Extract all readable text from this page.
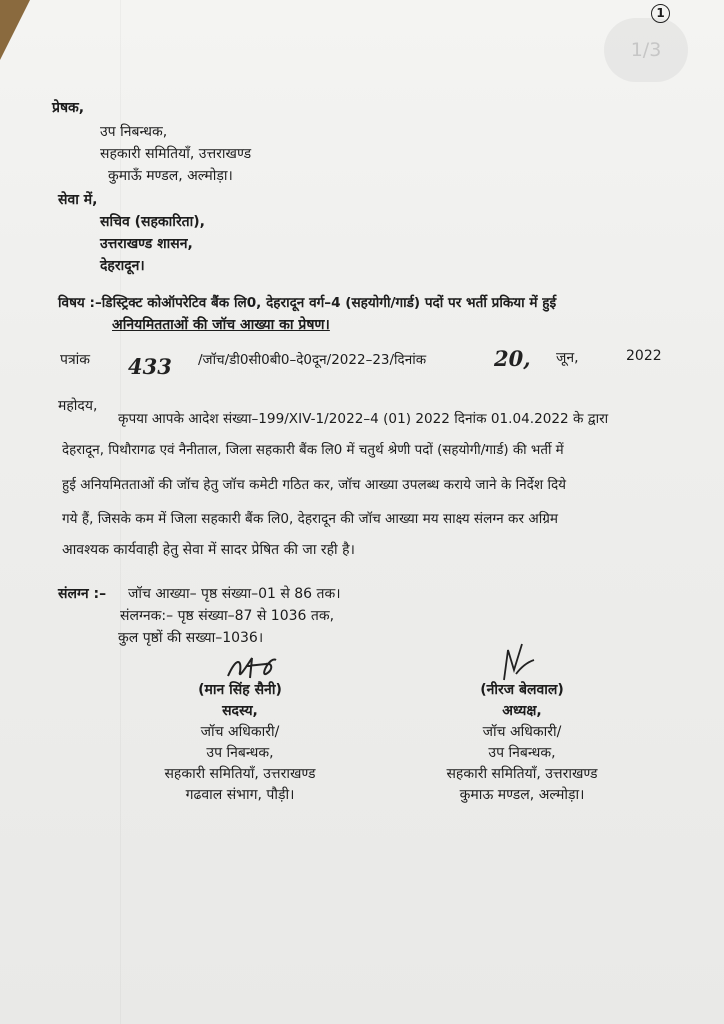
1/3
1
प्रेषक,
उप निबन्धक,
सहकारी समितियॉं, उत्तराखण्ड
कुमाऊॅं मण्डल, अल्मोड़ा।
सेवा में,
सचिव (सहकारिता),
उत्तराखण्ड शासन,
देहरादून।
विषय :–डिस्ट्रिक्ट कोऑपरेटिव बैंक लि0, देहरादून वर्ग–4 (सहयोगी/गार्ड) पदों पर भर्ती प्रकिया में हुई
अनियमितताओं की जॉच आख्या का प्रेषण।
पत्रांक 433 /जॉच/डी0सी0बी0–दे0दून/2022–23/दिनांक	20, जून,	2022
महोदय,
कृपया आपके आदेश संख्या–199/XIV-1/2022–4 (01) 2022 दिनांक 01.04.2022 के द्वारा
देहरादून, पिथौरागढ एवं नैनीताल, जिला सहकारी बैंक लि0 में चतुर्थ श्रेणी पदों (सहयोगी/गार्ड) की भर्ती में
हुई अनियमितताओं की जॉच हेतु जॉच कमेटी गठित कर, जॉच आख्या उपलब्ध कराये जाने के निर्देश दिये
गये हैं, जिसके कम में जिला सहकारी बैंक लि0, देहरादून की जॉच आख्या मय साक्ष्य संलग्न कर अग्रिम
आवश्यक कार्यवाही हेतु सेवा में सादर प्रेषित की जा रही है।
संलग्न :– जॉच आख्या– पृष्ठ संख्या–01 से 86 तक।
संलग्नक:– पृष्ठ संख्या–87 से 1036 तक,
कुल पृष्ठों की सख्या–1036।
(मान सिंह सैनी)
सदस्य,
जॉच अधिकारी/
उप निबन्धक,
सहकारी समितियॉं, उत्तराखण्ड
गढवाल संभाग, पौड़ी।
(नीरज बेलवाल)
अध्यक्ष,
जॉच अधिकारी/
उप निबन्धक,
सहकारी समितियॉं, उत्तराखण्ड
कुमाऊ मण्डल, अल्मोड़ा।
